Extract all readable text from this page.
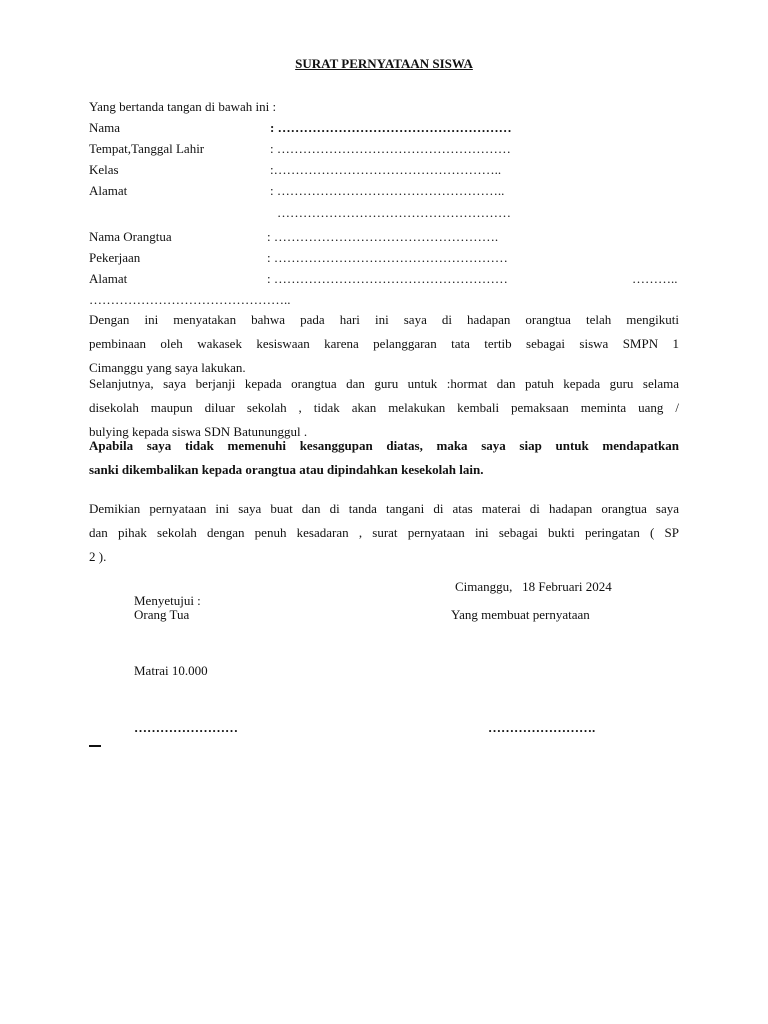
SURAT PERNYATAAN SISWA
Yang bertanda tangan di bawah ini :
Nama	: ………………………………………………
Tempat,Tanggal Lahir	: ………………………………………………
Kelas	:……………………………………………..
Alamat	: ……………………………………………..
………………………………………………
Nama Orangtua	: …………………………………………….
Pekerjaan	: ………………………………………………
Alamat	: ………………………………………………	………..
………………………………………..
Dengan ini menyatakan bahwa pada hari ini saya di hadapan orangtua telah mengikuti
pembinaan oleh wakasek kesiswaan karena pelanggaran tata tertib sebagai siswa SMPN 1
Cimanggu yang saya lakukan.
Selanjutnya, saya berjanji kepada orangtua dan guru untuk :hormat dan patuh kepada guru selama
disekolah maupun diluar sekolah , tidak akan melakukan kembali pemaksaan meminta uang /
bulying kepada siswa SDN Batununggul .
Apabila saya tidak memenuhi kesanggupan diatas, maka saya siap untuk mendapatkan
sanki dikembalikan kepada orangtua atau dipindahkan kesekolah lain.
Demikian pernyataan ini saya buat dan di tanda tangani di atas materai di hadapan orangtua saya
dan pihak sekolah dengan penuh kesadaran , surat pernyataan ini sebagai bukti peringatan ( SP
2 ).
Cimanggu,   18 Februari 2024
Menyetujui :
Orang Tua	Yang membuat pernyataan
Matrai 10.000
……………………	…………………….
